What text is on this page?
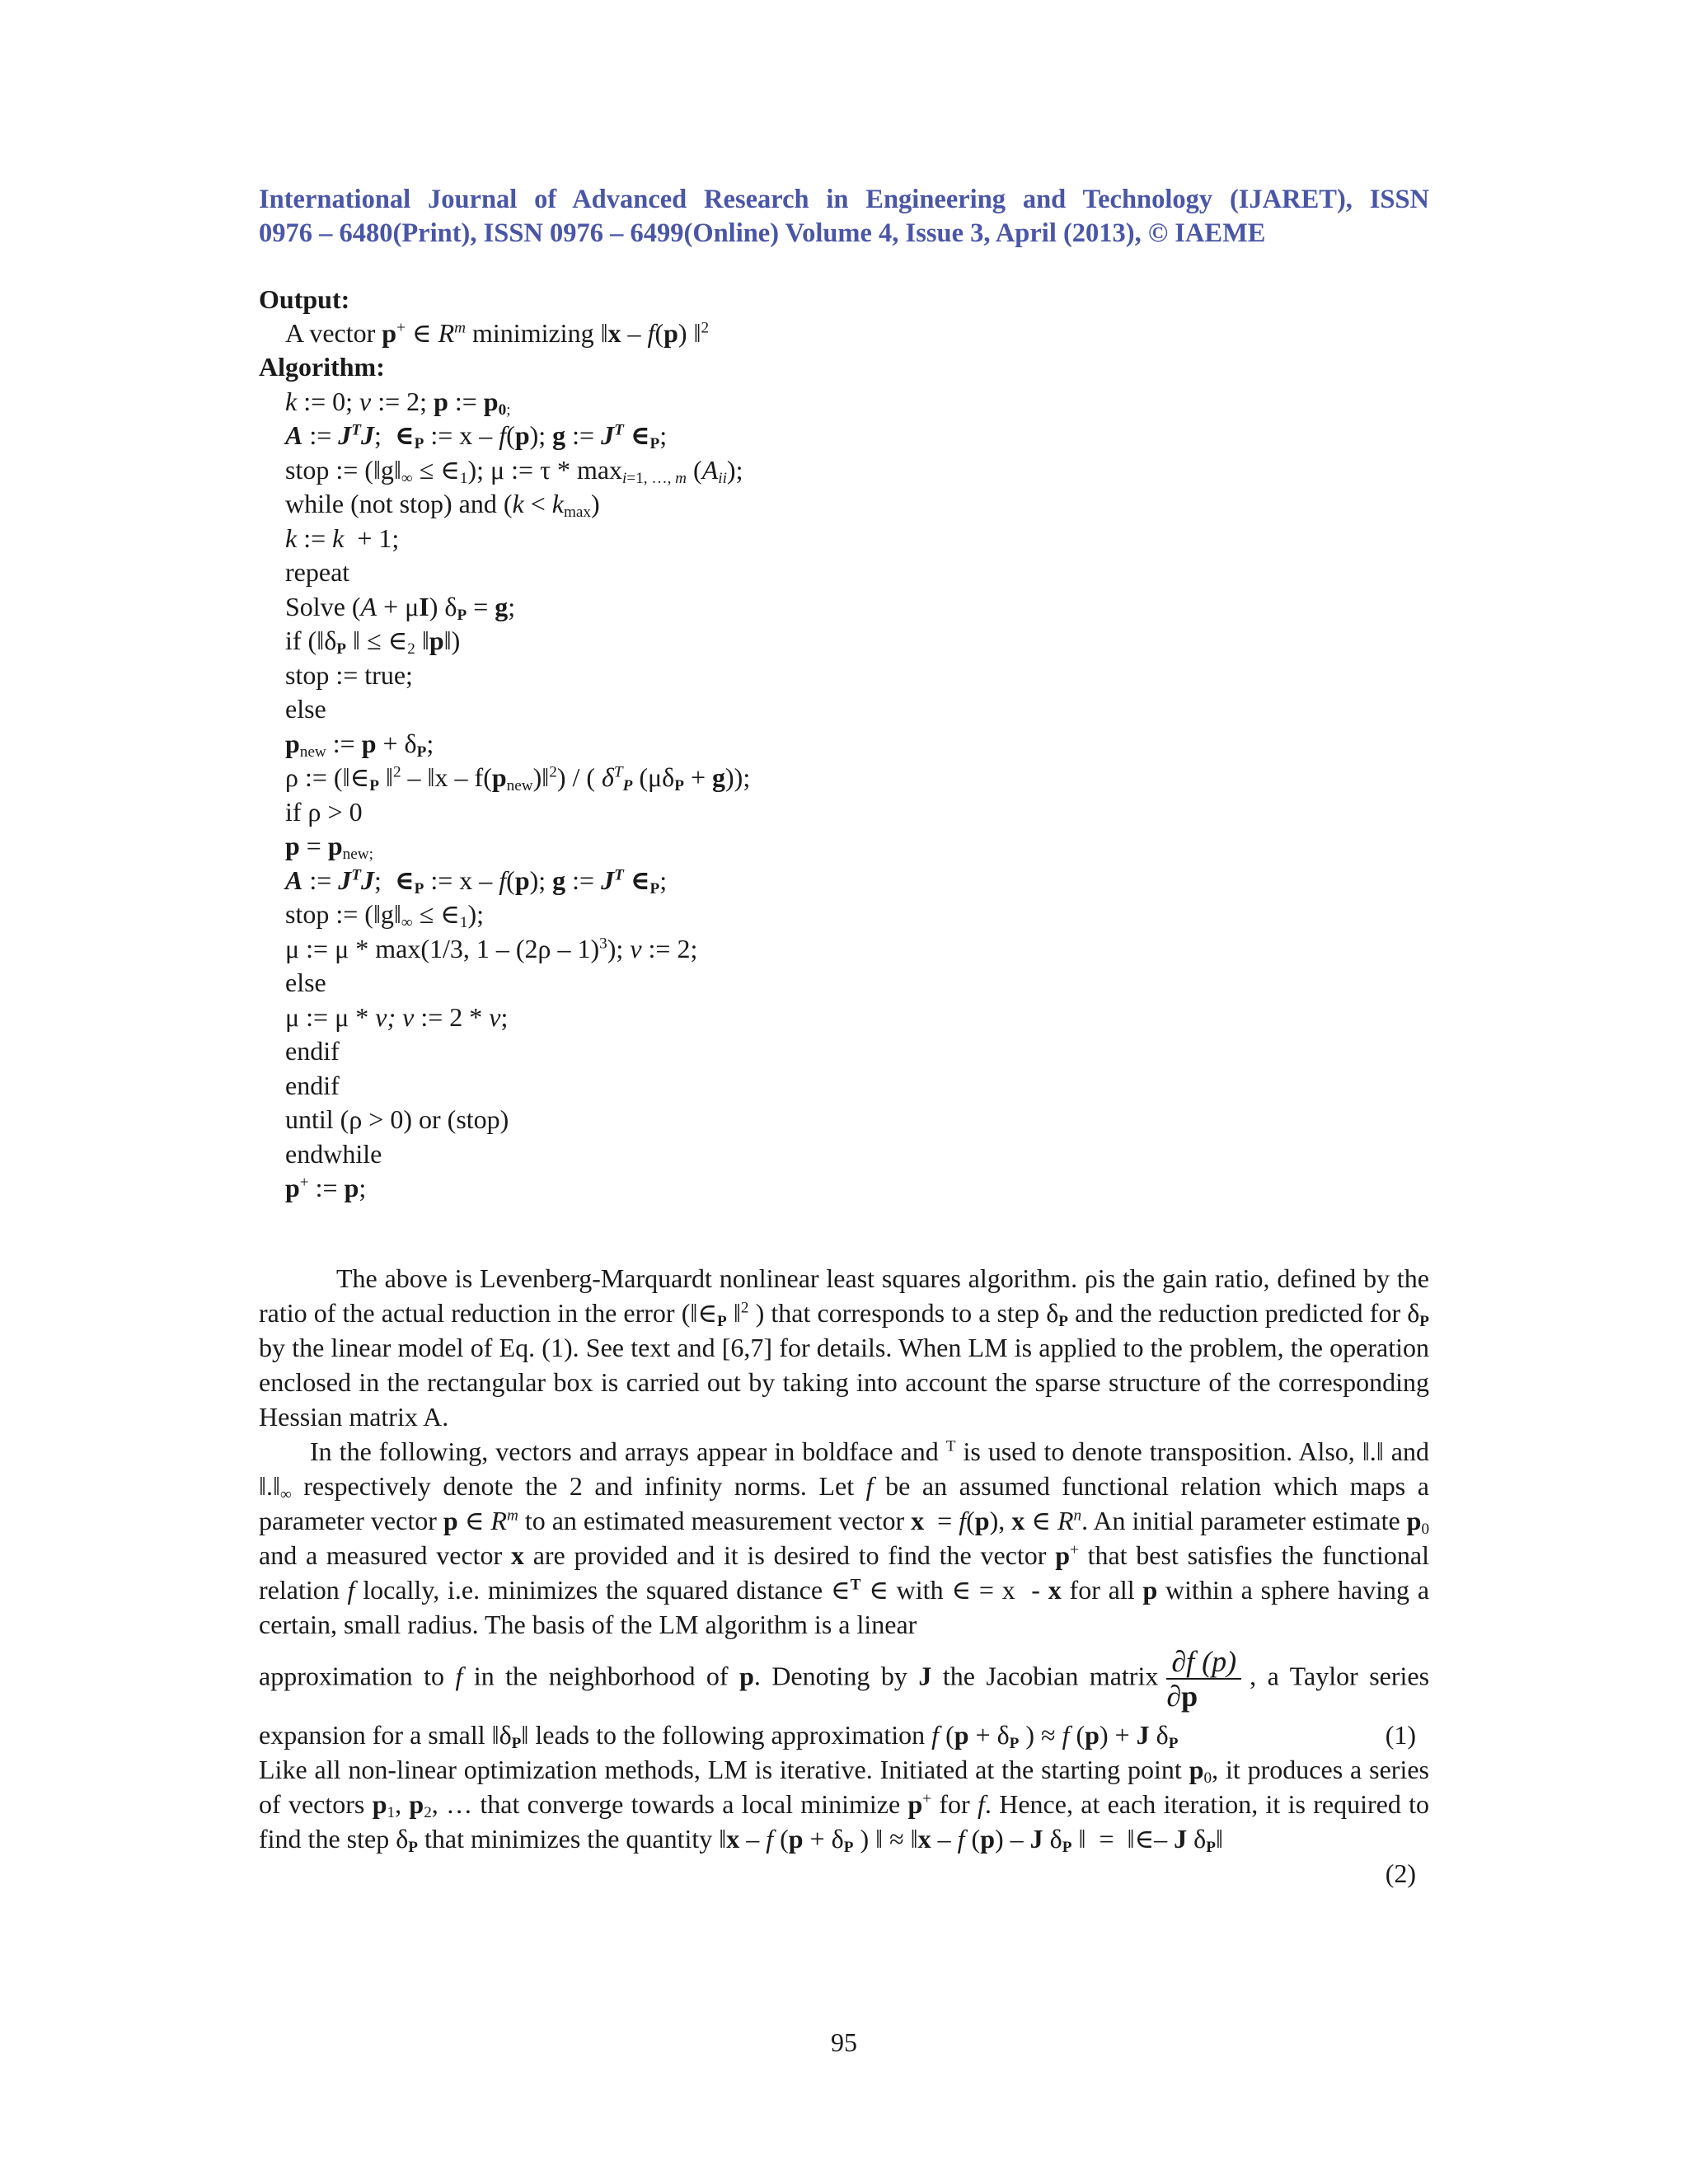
International Journal of Advanced Research in Engineering and Technology (IJARET), ISSN
0976 – 6480(Print), ISSN 0976 – 6499(Online) Volume 4, Issue 3, April (2013), © IAEME
Output:
A vector p+ ∈ $R^m$ minimizing ‖x – f(p) ‖$^2$
Algorithm:
k := 0; v := 2; p := $p_{0;}$
A := $J^TJ$;  $\in_P$ := x – f(p); g := $J^T$ $\in_P$;
stop := ($‖g‖_\infty$ ≤ $\in_1$); μ := τ * $\max_{i=1, \dots, m} (A_{ii})$;
while (not stop) and $(k < k_{max})$
k := k  + 1;
repeat
Solve (A + μI) $\delta_P = g$;
if ($‖\delta_P$ ‖ ≤ $\in_2$ ‖p‖)
stop := true;
else
$p_{new}$ := $p + \delta_P$;
ρ := ($‖\in_P$ ‖$^2$ – ‖x – $f(p_{new})‖^2$) / ( $\delta^T_P$ $(\mu\delta_P + g)$);
if ρ > 0
$p = p_{new;}$
A := $J^TJ$;  $\in_P$ := x – f(p); g := $J^T$ $\in_P$;
stop := ($‖g‖_\infty$ ≤ $\in_1$);
μ := μ * max(1/3, 1 – (2ρ – 1)$^3$); v := 2;
else
μ := μ * v; v := 2 * v;
endif
endif
until (ρ > 0) or (stop)
endwhile
p+ := p;

The above is Levenberg-Marquardt nonlinear least squares algorithm. ρis the gain ratio, defined by the ratio of the actual reduction in the error ($‖\in_P$ ‖$^2$ ) that corresponds to a step $\delta_P$ and the reduction predicted for $\delta_P$ by the linear model of Eq. (1). See text and [6,7] for details. When LM is applied to the problem, the operation enclosed in the rectangular box is carried out by taking into account the sparse structure of the corresponding Hessian matrix A.

In the following, vectors and arrays appear in boldface and $^T$ is used to denote transposition. Also, ‖.‖ and $‖.‖_\infty$ respectively denote the 2 and infinity norms. Let f be an assumed functional relation which maps a parameter vector p ∈ $R^m$ to an estimated measurement vector x  = f(p), x ∈ $R^n$. An initial parameter estimate $p_0$ and a measured vector x are provided and it is desired to find the vector p+ that best satisfies the functional relation f locally, i.e. minimizes the squared distance ∈$^T$ ∈ with ∈ = x  - x for all p within a sphere having a certain, small radius. The basis of the LM algorithm is a linear

approximation to f in the neighborhood of p. Denoting by J the Jacobian matrix $\frac{\partial f (p)}{\partial p}$ , a Taylor series

expansion for a small $‖\delta_P‖$ leads to the following approximation f ($p + \delta_P$ ) ≈ f (p) + J $\delta_P$	(1)

Like all non-linear optimization methods, LM is iterative. Initiated at the starting point $p_0$, it produces a series of vectors $p_1$, $p_2$, … that converge towards a local minimize p+ for f. Hence, at each iteration, it is required to find the step $\delta_P$ that minimizes the quantity ‖x – f ($p + \delta_P$ ) ‖ ≈ ‖x – f (p) – J $\delta_P$ ‖  =  ‖∈– J $\delta_P‖$

(2)

95
